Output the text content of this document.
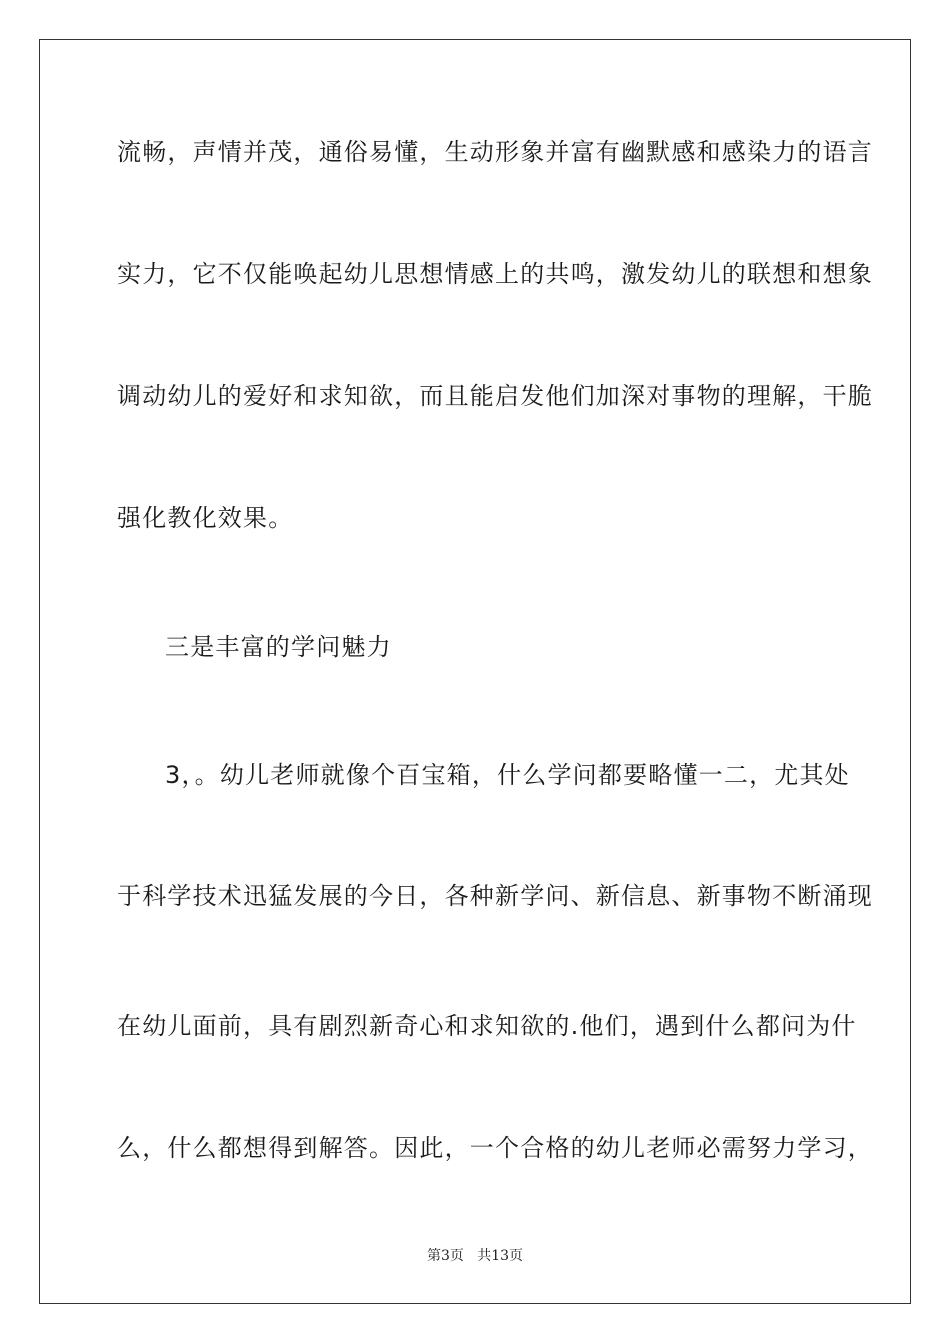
流畅，声情并茂，通俗易懂，生动形象并富有幽默感和感染力的语言
实力，它不仅能唤起幼儿思想情感上的共鸣，激发幼儿的联想和想象
调动幼儿的爱好和求知欲，而且能启发他们加深对事物的理解，干脆
强化教化效果。
三是丰富的学问魅力
3，。幼儿老师就像个百宝箱，什么学问都要略懂一二，尤其处
于科学技术迅猛发展的今日，各种新学问、新信息、新事物不断涌现
在幼儿面前，具有剧烈新奇心和求知欲的.他们，遇到什么都问为什
么，什么都想得到解答。因此，一个合格的幼儿老师必需努力学习，
第3页   共13页
